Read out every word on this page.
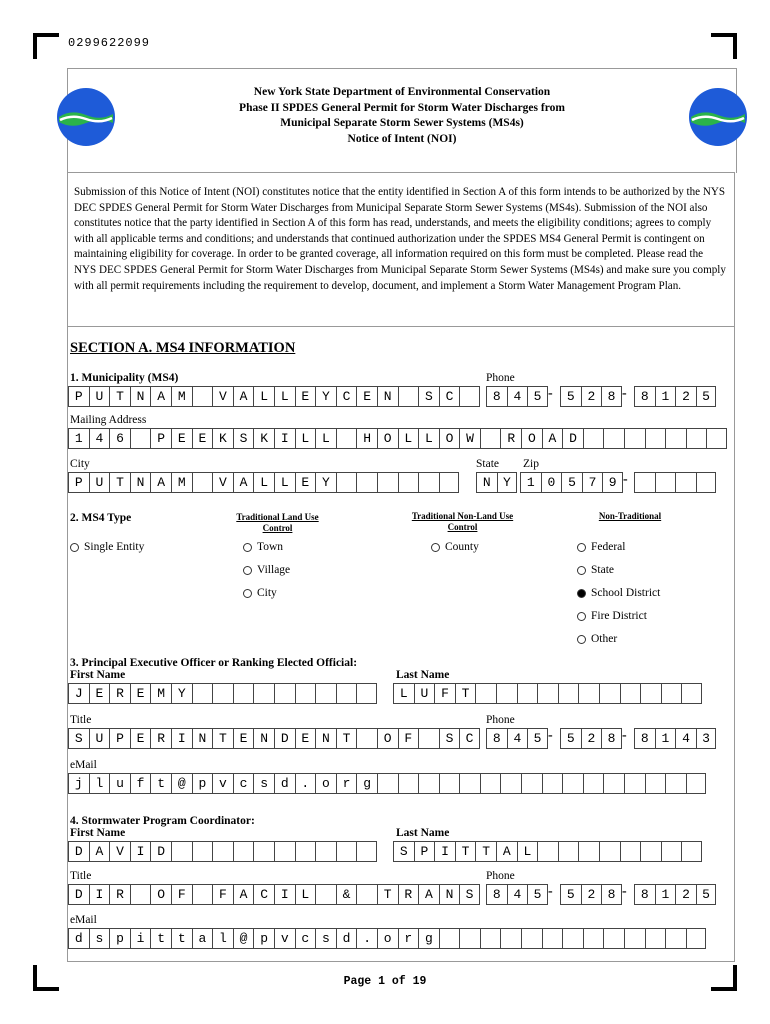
0299622099
New York State Department of Environmental Conservation
Phase II SPDES General Permit for Storm Water Discharges from
Municipal Separate Storm Sewer Systems (MS4s)
Notice of Intent (NOI)
Submission of this Notice of Intent (NOI) constitutes notice that the entity identified in Section A of this form intends to be authorized by the NYS DEC SPDES General Permit for Storm Water Discharges from Municipal Separate Storm Sewer Systems (MS4s). Submission of the NOI also constitutes notice that the party identified in Section A of this form has read, understands, and meets the eligibility conditions; agrees to comply with all applicable terms and conditions; and understands that continued authorization under the SPDES MS4 General Permit is contingent on maintaining eligibility for coverage. In order to be granted coverage, all information required on this form must be completed. Please read the NYS DEC SPDES General Permit for Storm Water Discharges from Municipal Separate Storm Sewer Systems (MS4s) and make sure you comply with all permit requirements including the requirement to develop, document, and implement a Storm Water Management Program Plan.
SECTION A. MS4 INFORMATION
1. Municipality (MS4)	Phone
P U T N A M	V A L L E Y C E N	S C	8 4 5 -	5 2 8 -	8 1 2 5
Mailing Address
1 4 6	P E E K S K I L L	H O L L O W	R O A D
City	State Zip
P U T N A M	V A L L E Y	N Y	1 0 5 7 9 -
2. MS4 Type	Traditional Land Use
Control
Traditional Non-Land Use
Control
Non-Traditional
Single Entity	Town
Village
City
County	Federal
State
School District
Fire District
Other
3. Principal Executive Officer or Ranking Elected Official:
First Name	Last Name
J E R E M Y	L U F T
Title	Phone
S U P E R I N T E N D E N T	O F	S C	8 4 5 -	5 2 8 -	8 1 4 3
eMail
j l u f t @ p v c s d . o r g
4. Stormwater Program Coordinator:
First Name	Last Name
D A V I D	S P I T T A L
Title	Phone
D I R	O F	F A C I L	&	T R A N S	8 4 5 -	5 2 8 -	8 1 2 5
eMail
d s p i t t a l @ p v c s d . o r g
Page 1 of 19
